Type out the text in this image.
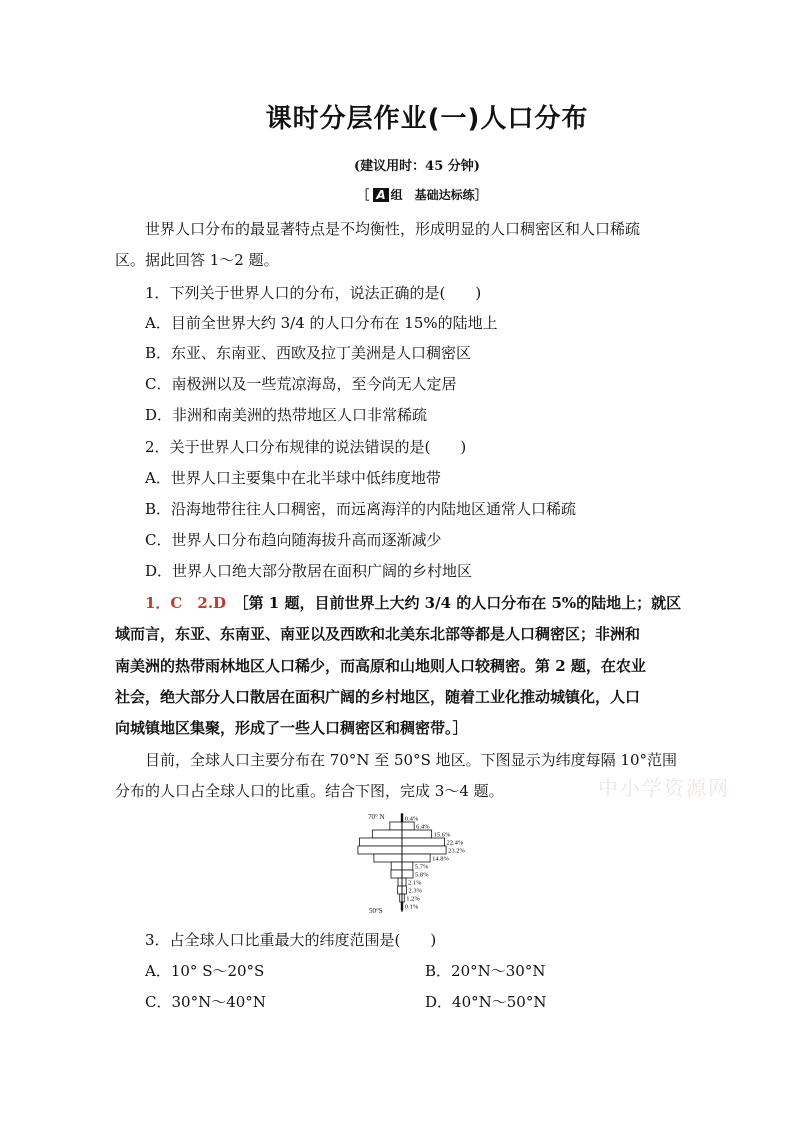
课时分层作业(一)人口分布
(建议用时：45 分钟)
［ A 组　基础达标练］
世界人口分布的最显著特点是不均衡性，形成明显的人口稠密区和人口稀疏
区。据此回答 1～2 题。
1．下列关于世界人口的分布，说法正确的是(　　)
A．目前全世界大约 3/4 的人口分布在 15%的陆地上
B．东亚、东南亚、西欧及拉丁美洲是人口稠密区
C．南极洲以及一些荒凉海岛，至今尚无人定居
D．非洲和南美洲的热带地区人口非常稀疏
2．关于世界人口分布规律的说法错误的是(　　)
A．世界人口主要集中在北半球中低纬度地带
B．沿海地带往往人口稠密，而远离海洋的内陆地区通常人口稀疏
C．世界人口分布趋向随海拔升高而逐渐减少
D．世界人口绝大部分散居在面积广阔的乡村地区
1．C　2.D　 ［第 1 题，目前世界上大约 3/4 的人口分布在 5%的陆地上；就区
域而言，东亚、东南亚、南亚以及西欧和北美东北部等都是人口稠密区；非洲和
南美洲的热带雨林地区人口稀少，而高原和山地则人口较稠密。第 2 题，在农业
社会，绝大部分人口散居在面积广阔的乡村地区，随着工业化推动城镇化，人口
向城镇地区集聚，形成了一些人口稠密区和稠密带。］
目前，全球人口主要分布在 70°N 至 50°S 地区。下图显示为纬度每隔 10°范围
分布的人口占全球人口的比重。结合下图，完成 3～4 题。	中小学资源网
0.4%
6.4%
15.6%
22.4%
23.2%
14.8%
5.7%
5.8%
2.1%
2.3%
1.2%
0.1%
70° N
50°S
3．占全球人口比重最大的纬度范围是(　　)
A．10° S～20°S	B．20°N～30°N
C．30°N～40°N	D．40°N～50°N
